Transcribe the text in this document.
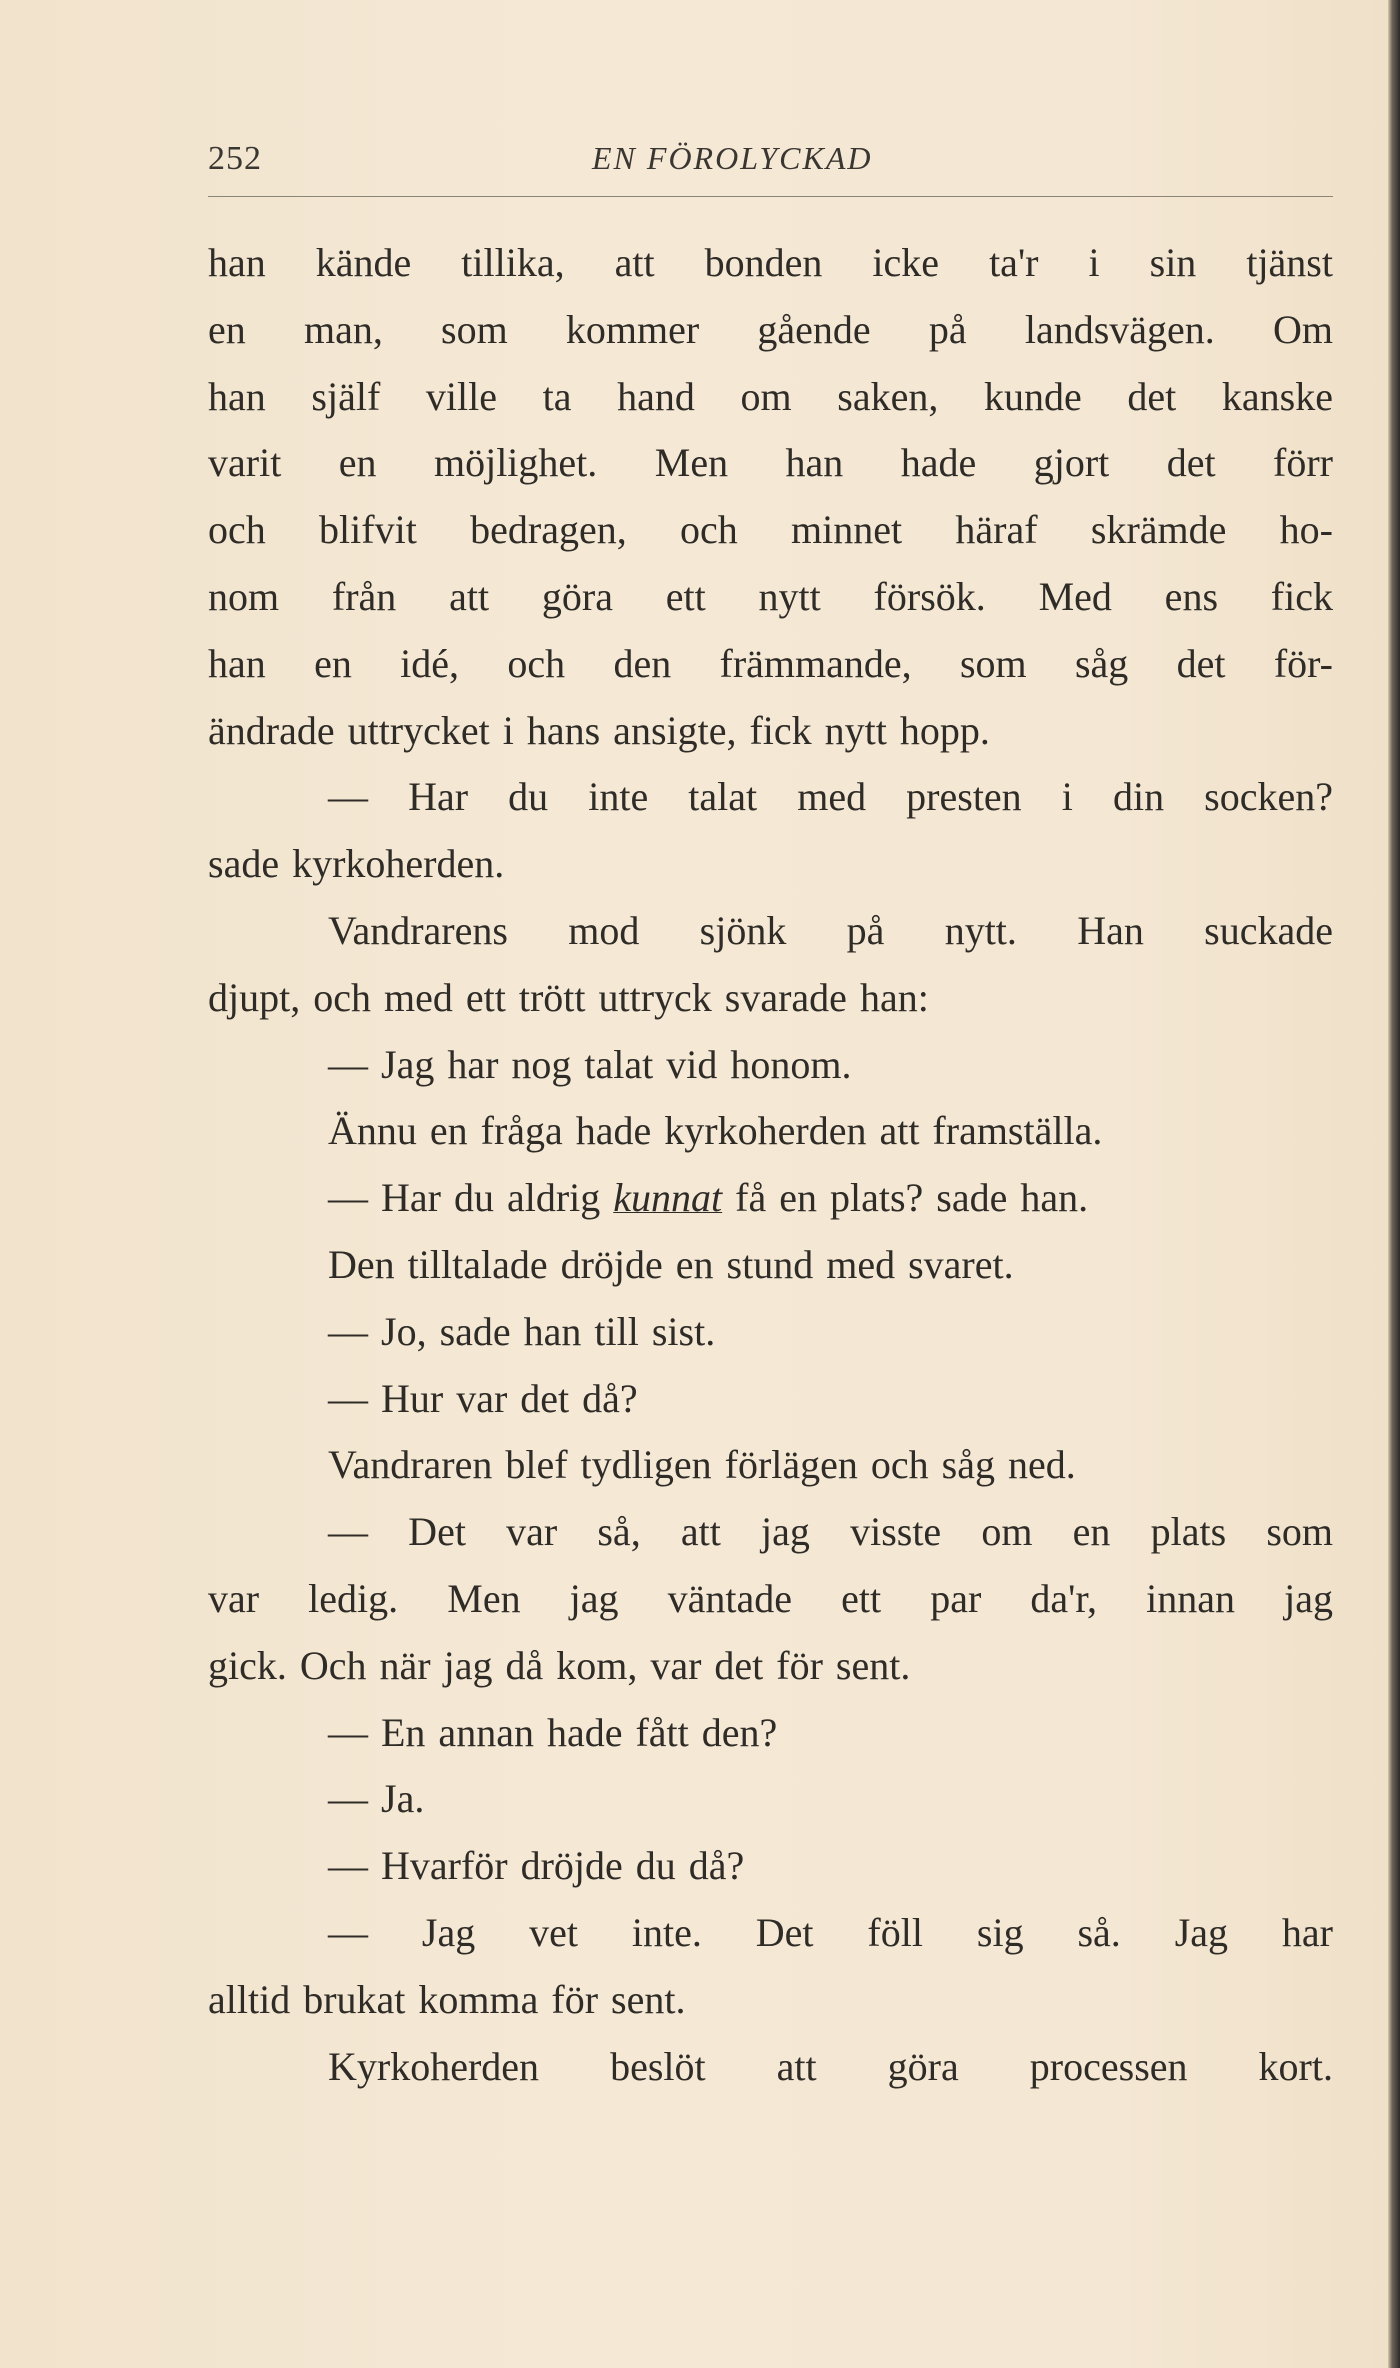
252	EN FÖROLYCKAD
han kände tillika, att bonden icke ta'r i sin tjänst
en man, som kommer gående på landsvägen. Om
han själf ville ta hand om saken, kunde det kanske
varit en möjlighet. Men han hade gjort det förr
och blifvit bedragen, och minnet häraf skrämde ho-
nom från att göra ett nytt försök. Med ens fick
han en idé, och den främmande, som såg det för-
ändrade uttrycket i hans ansigte, fick nytt hopp.
— Har du inte talat med presten i din socken?
sade kyrkoherden.
Vandrarens mod sjönk på nytt. Han suckade
djupt, och med ett trött uttryck svarade han:
— Jag har nog talat vid honom.
Ännu en fråga hade kyrkoherden att framställa.
— Har du aldrig kunnat få en plats? sade han.
Den tilltalade dröjde en stund med svaret.
— Jo, sade han till sist.
— Hur var det då?
Vandraren blef tydligen förlägen och såg ned.
— Det var så, att jag visste om en plats som
var ledig. Men jag väntade ett par da'r, innan jag
gick. Och när jag då kom, var det för sent.
— En annan hade fått den?
— Ja.
— Hvarför dröjde du då?
— Jag vet inte. Det föll sig så. Jag har
alltid brukat komma för sent.
Kyrkoherden beslöt att göra processen kort.
